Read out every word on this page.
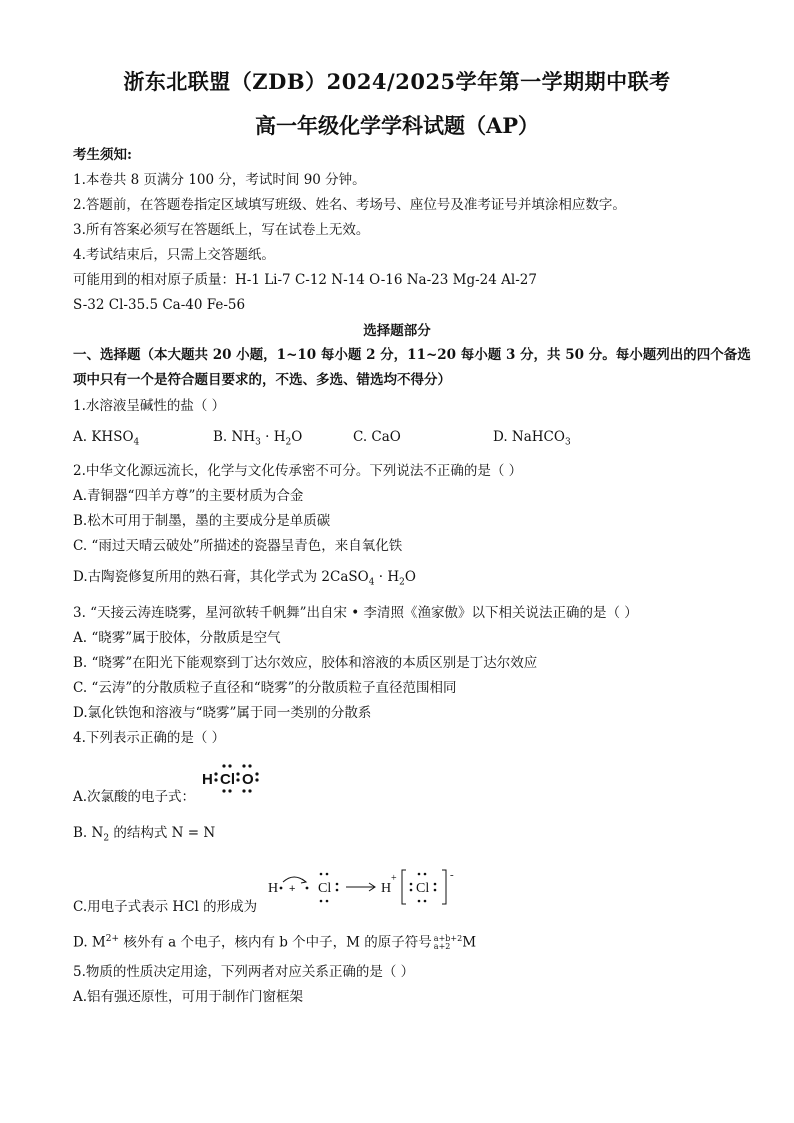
浙东北联盟（ZDB）2024/2025学年第一学期期中联考
高一年级化学学科试题（AP）
考生须知:
1.本卷共 8 页满分 100 分，考试时间 90 分钟。
2.答题前，在答题卷指定区域填写班级、姓名、考场号、座位号及准考证号并填涂相应数字。
3.所有答案必须写在答题纸上，写在试卷上无效。
4.考试结束后，只需上交答题纸。
可能用到的相对原子质量：H-1 Li-7 C-12 N-14 O-16 Na-23 Mg-24 Al-27
S-32 Cl-35.5 Ca-40 Fe-56
选择题部分
一、选择题（本大题共 20 小题，1~10 每小题 2 分，11~20 每小题 3 分，共 50 分。每小题列出的四个备选
项中只有一个是符合题目要求的，不选、多选、错选均不得分）
1.水溶液呈碱性的盐（ ）
A. $KHSO_4$	B. $NH_3 \cdot H_2O$	C. CaO	D. NaHCO$_3$
2.中华文化源远流长，化学与文化传承密不可分。下列说法不正确的是（ ）
A.青铜器“四羊方尊”的主要材质为合金
B.松木可用于制墨，墨的主要成分是单质碳
C. “雨过天晴云破处”所描述的瓷器呈青色，来自氧化铁
D.古陶瓷修复所用的熟石膏，其化学式为 2CaSO$_4$ · $H_2O$
3. “天接云涛连晓雾，星河欲转千帆舞”出自宋 • 李清照《渔家傲》以下相关说法正确的是（ ）
A. “晓雾”属于胶体，分散质是空气
B. “晓雾”在阳光下能观察到丁达尔效应，胶体和溶液的本质区别是丁达尔效应
C. “云涛”的分散质粒子直径和“晓雾”的分散质粒子直径范围相同
D.氯化铁饱和溶液与“晓雾”属于同一类别的分散系
4.下列表示正确的是（ ）
H Cl O
A.次氯酸的电子式：
B. $N_2$ 的结构式 N = N
H + Cl	H
+
Cl
-
C.用电子式表示 HCl 的形成为
D. $M^{2+}$ 核外有 a 个电子，核内有 b 个中子，M 的原子符号 a+b+2
a+2 M
5.物质的性质决定用途，下列两者对应关系正确的是（ ）
A.铝有强还原性，可用于制作门窗框架
